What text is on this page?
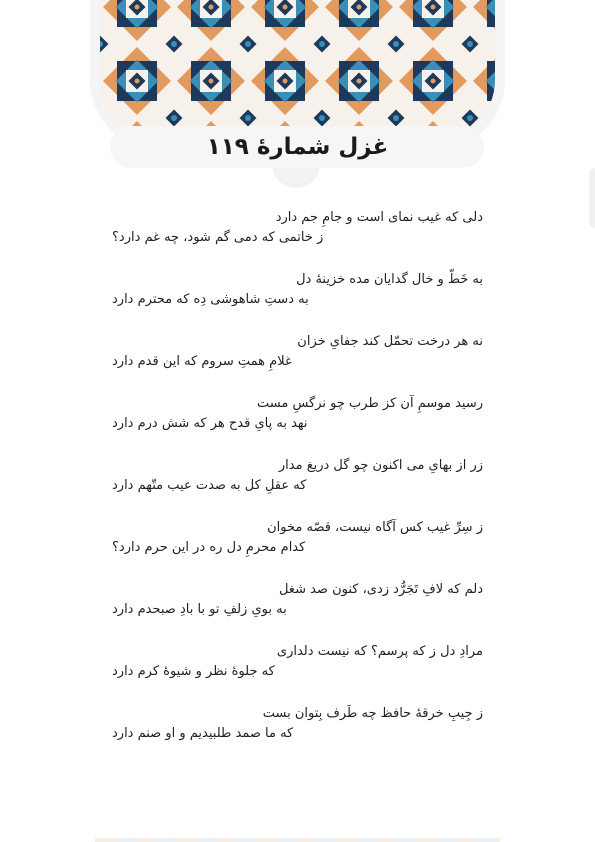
غزل شمارهٔ ۱۱۹
دلی که غیب نمای است و جامِ جم دارد
ز خاتمی که دمی گم شود، چه غم دارد؟
به خَطّ و خال گدایان مده خزینهٔ دل
به دستِ شاهوشی دِه که محترم دارد
نه هر درخت تحمّل کند جفایِ خزان
غلامِ همتِ سروم که این قدم دارد
رسید موسمِ آن کز طرب چو نرگسِ مست
نهد به پایِ قدح هر که شش درم دارد
زر از بهایِ می اکنون چو گل دریغ مدار
که عقلِ کل به صدت عیب متّهم دارد
ز سِرِّ غیب کس آگاه نیست، قصّه مخوان
کدام محرمِ دل ره در این حرم دارد؟
دلم که لافِ تَجَرُّد زدی، کنون صد شغل
به بویِ زلفِ تو با بادِ صبحدم دارد
مرادِ دل ز که پرسم؟ که نیست دلداری
که جلوهٔ نظر و شیوهٔ کرم دارد
ز جِیبِ خرقهٔ حافظ چه طَرف بِتوان بست
که ما صمد طلبیدیم و او صنم دارد
